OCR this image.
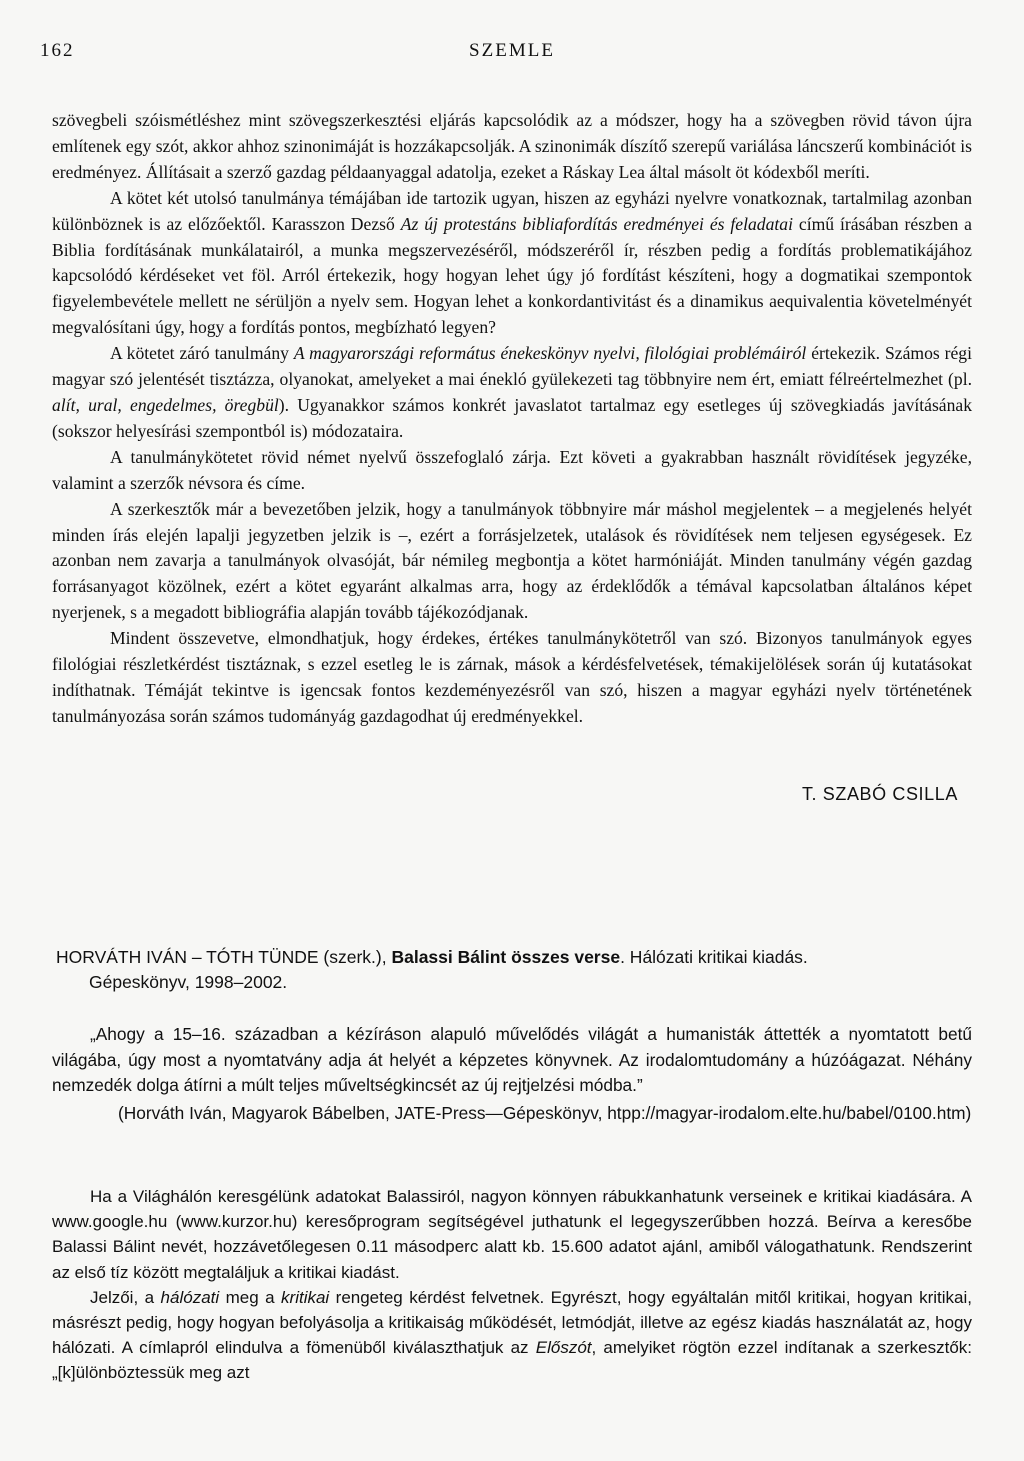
162	SZEMLE

szövegbeli szóismétléshez mint szövegszerkesztési eljárás kapcsolódik az a módszer, hogy ha a szövegben rövid távon újra említenek egy szót, akkor ahhoz szinonimáját is hozzákapcsolják. A szinonimák díszítő szerepű variálása láncszerű kombinációt is eredményez. Állításait a szerző gazdag példaanyaggal adatolja, ezeket a Ráskay Lea által másolt öt kódexből meríti.

A kötet két utolsó tanulmánya témájában ide tartozik ugyan, hiszen az egyházi nyelvre vonatkoznak, tartalmilag azonban különböznek is az előzőektől. Karasszon Dezső Az új protestáns bibliafordítás eredményei és feladatai című írásában részben a Biblia fordításának munkálatairól, a munka megszervezéséről, módszeréről ír, részben pedig a fordítás problematikájához kapcsolódó kérdéseket vet föl. Arról értekezik, hogy hogyan lehet úgy jó fordítást készíteni, hogy a dogmatikai szempontok figyelembevétele mellett ne sérüljön a nyelv sem. Hogyan lehet a konkordantivitást és a dinamikus aequivalentia követelményét megvalósítani úgy, hogy a fordítás pontos, megbízható legyen?

A kötetet záró tanulmány A magyarországi református énekeskönyv nyelvi, filológiai problémáiról értekezik. Számos régi magyar szó jelentését tisztázza, olyanokat, amelyeket a mai énekló gyülekezeti tag többnyire nem ért, emiatt félreértelmezhet (pl. alít, ural, engedelmes, öregbül). Ugyanakkor számos konkrét javaslatot tartalmaz egy esetleges új szövegkiadás javításának (sokszor helyesírási szempontból is) módozataira.

A tanulmánykötetet rövid német nyelvű összefoglaló zárja. Ezt követi a gyakrabban használt rövidítések jegyzéke, valamint a szerzők névsora és címe.

A szerkesztők már a bevezetőben jelzik, hogy a tanulmányok többnyire már máshol megjelentek – a megjelenés helyét minden írás elején lapalji jegyzetben jelzik is –, ezért a forrásjelzetek, utalások és rövidítések nem teljesen egységesek. Ez azonban nem zavarja a tanulmányok olvasóját, bár némileg megbontja a kötet harmóniáját. Minden tanulmány végén gazdag forrásanyagot közölnek, ezért a kötet egyaránt alkalmas arra, hogy az érdeklődők a témával kapcsolatban általános képet nyerjenek, s a megadott bibliográfia alapján tovább tájékozódjanak.

Mindent összevetve, elmondhatjuk, hogy érdekes, értékes tanulmánykötetről van szó. Bizonyos tanulmányok egyes filológiai részletkérdést tisztáznak, s ezzel esetleg le is zárnak, mások a kérdésfelvetések, témakijelölések során új kutatásokat indíthatnak. Témáját tekintve is igencsak fontos kezdeményezésről van szó, hiszen a magyar egyházi nyelv történetének tanulmányozása során számos tudományág gazdagodhat új eredményekkel.

T. SZABÓ CSILLA
HORVÁTH IVÁN – TÓTH TÜNDE (szerk.), Balassi Bálint összes verse. Hálózati kritikai kiadás.
Gépeskönyv, 1998–2002.

„Ahogy a 15–16. században a kézíráson alapuló művelődés világát a humanisták áttették a nyomtatott betű világába, úgy most a nyomtatvány adja át helyét a képzetes könyvnek. Az irodalomtudomány a húzóágazat. Néhány nemzedék dolga átírni a múlt teljes műveltségkincsét az új rejtjelzési módba.”

(Horváth Iván, Magyarok Bábelben, JATE-Press—Gépeskönyv, htpp://magyar-irodalom.elte.hu/babel/0100.htm)

Ha a Világhálón keresgélünk adatokat Balassiról, nagyon könnyen rábukkanhatunk verseinek e kritikai kiadására. A www.google.hu (www.kurzor.hu) keresőprogram segítségével juthatunk el legegyszerűbben hozzá. Beírva a keresőbe Balassi Bálint nevét, hozzávetőlegesen 0.11 másodperc alatt kb. 15.600 adatot ajánl, amiből válogathatunk. Rendszerint az első tíz között megtaláljuk a kritikai kiadást.

Jelzői, a hálózati meg a kritikai rengeteg kérdést felvetnek. Egyrészt, hogy egyáltalán mitől kritikai, hogyan kritikai, másrészt pedig, hogy hogyan befolyásolja a kritikaiság működését, letmódját, illetve az egész kiadás használatát az, hogy hálózati. A címlapról elindulva a fömenüből kiválaszthatjuk az Előszót, amelyiket rögtön ezzel indítanak a szerkesztők: „[k]ülönböztessük meg azt
